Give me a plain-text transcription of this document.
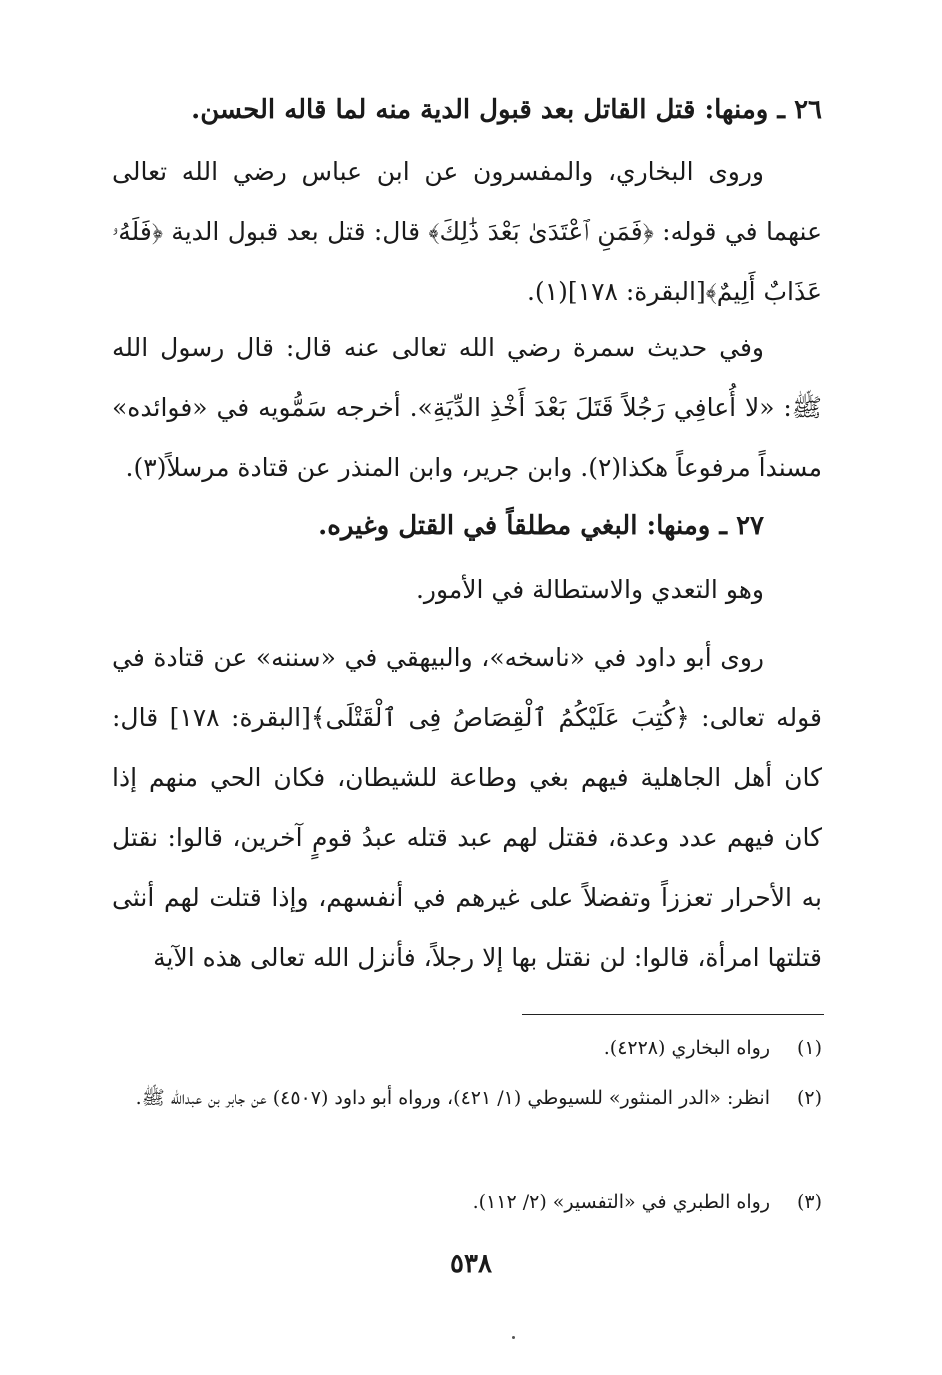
٢٦ ـ ومنها: قتل القاتل بعد قبول الدية منه لما قاله الحسن.
وروى البخاري، والمفسرون عن ابن عباس رضي الله تعالى عنهما في قوله: ﴿فَمَنِ ٱعْتَدَىٰ بَعْدَ ذَٰلِكَ﴾ قال: قتل بعد قبول الدية ﴿فَلَهُۥ عَذَابٌ أَلِيمٌ﴾[البقرة: ١٧٨](١).
وفي حديث سمرة رضي الله تعالى عنه قال: قال رسول الله ﷺ: «لا أُعافِي رَجُلاً قَتَلَ بَعْدَ أَخْذِ الدِّيَةِ». أخرجه سَمُّويه في «فوائده» مسنداً مرفوعاً هكذا(٢). وابن جرير، وابن المنذر عن قتادة مرسلاً(٣).
٢٧ ـ ومنها: البغي مطلقاً في القتل وغيره.
وهو التعدي والاستطالة في الأمور.
روى أبو داود في «ناسخه»، والبيهقي في «سننه» عن قتادة في قوله تعالى: ﴿كُتِبَ عَلَيْكُمُ ٱلْقِصَاصُ فِى ٱلْقَتْلَى﴾[البقرة: ١٧٨] قال: كان أهل الجاهلية فيهم بغي وطاعة للشيطان، فكان الحي منهم إذا كان فيهم عدد وعدة، فقتل لهم عبد قتله عبدُ قومٍ آخرين، قالوا: نقتل به الأحرار تعززاً وتفضلاً على غيرهم في أنفسهم، وإذا قتلت لهم أنثى قتلتها امرأة، قالوا: لن نقتل بها إلا رجلاً، فأنزل الله تعالى هذه الآية
(١)رواه البخاري (٤٢٢٨).
(٢)انظر: «الدر المنثور» للسيوطي (١/ ٤٢١)، ورواه أبو داود (٤٥٠٧) عن جابر بن عبدالله ﷺ.
(٣)رواه الطبري في «التفسير» (٢/ ١١٢).
٥٣٨
